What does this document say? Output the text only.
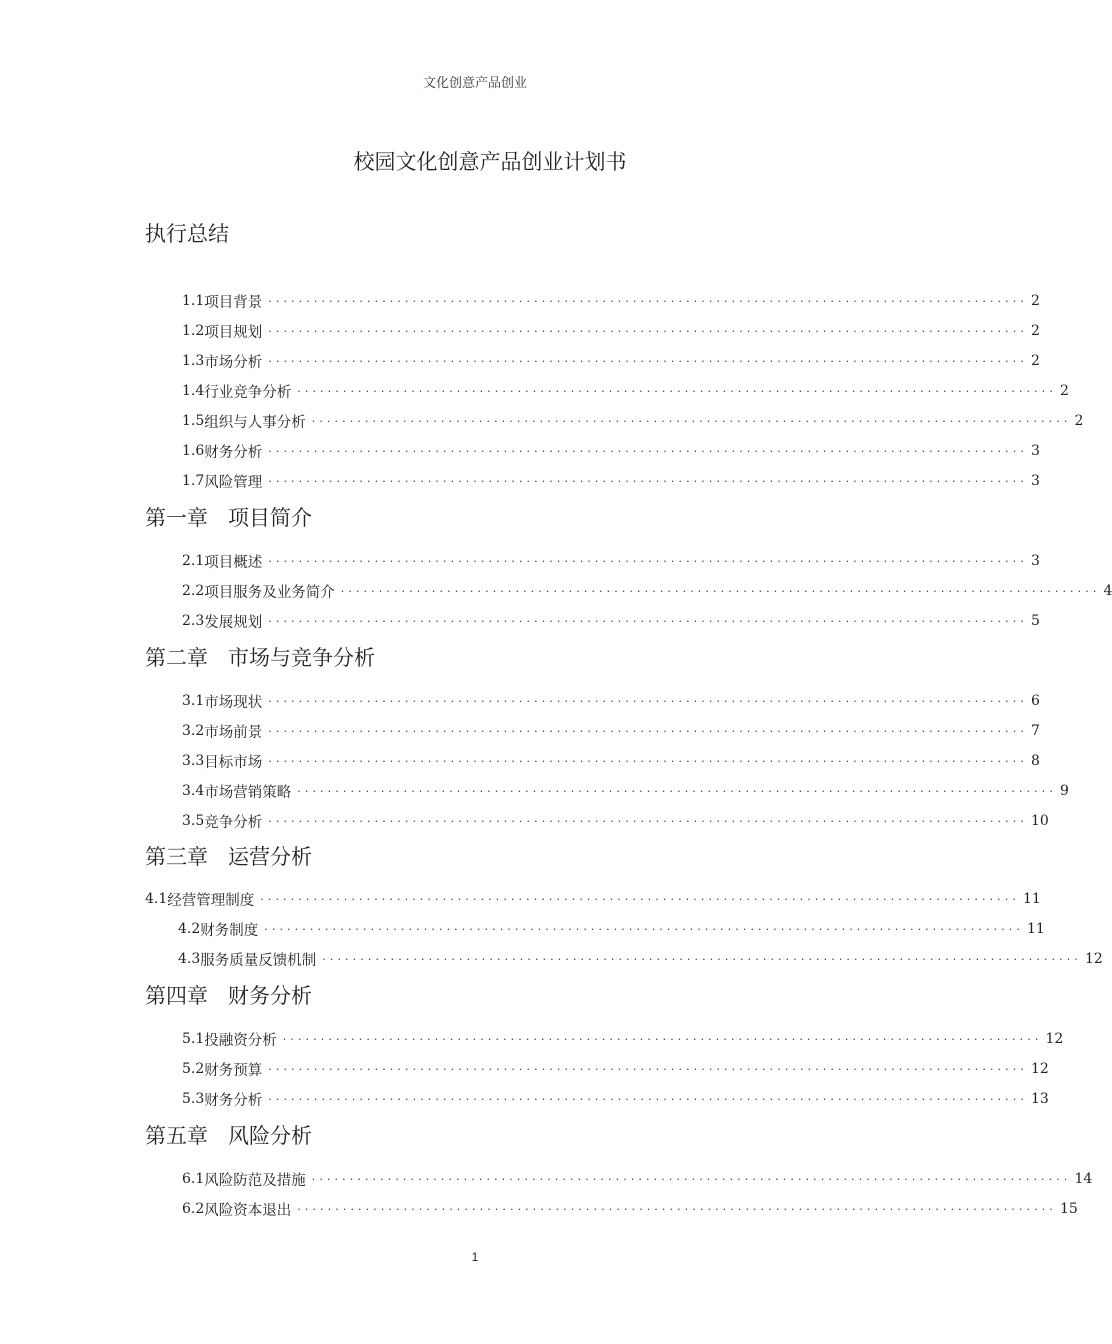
文化创意产品创业
校园文化创意产品创业计划书
执行总结
1.1 项目背景 ···································································································· 2
1.2 项目规划 ···································································································· 2
1.3 市场分析 ···································································································· 2
1.4 行业竞争分析 ···································································································· 2
1.5 组织与人事分析 ···································································································· 2
1.6 财务分析 ···································································································· 3
1.7 风险管理 ···································································································· 3
第一章 项目简介
2.1 项目概述 ···································································································· 3
2.2 项目服务及业务简介 ···································································································· 4
2.3 发展规划 ···································································································· 5
第二章 市场与竞争分析
3.1 市场现状 ···································································································· 6
3.2 市场前景 ···································································································· 7
3.3 目标市场 ···································································································· 8
3.4 市场营销策略 ···································································································· 9
3.5 竞争分析 ···································································································· 10
第三章 运营分析
4.1 经营管理制度 ···································································································· 11
4.2 财务制度 ···································································································· 11
4.3 服务质量反馈机制 ···································································································· 12
第四章 财务分析
5.1 投融资分析 ···································································································· 12
5.2 财务预算 ···································································································· 12
5.3 财务分析 ···································································································· 13
第五章 风险分析
6.1 风险防范及措施 ···································································································· 14
6.2 风险资本退出 ···································································································· 15
1
